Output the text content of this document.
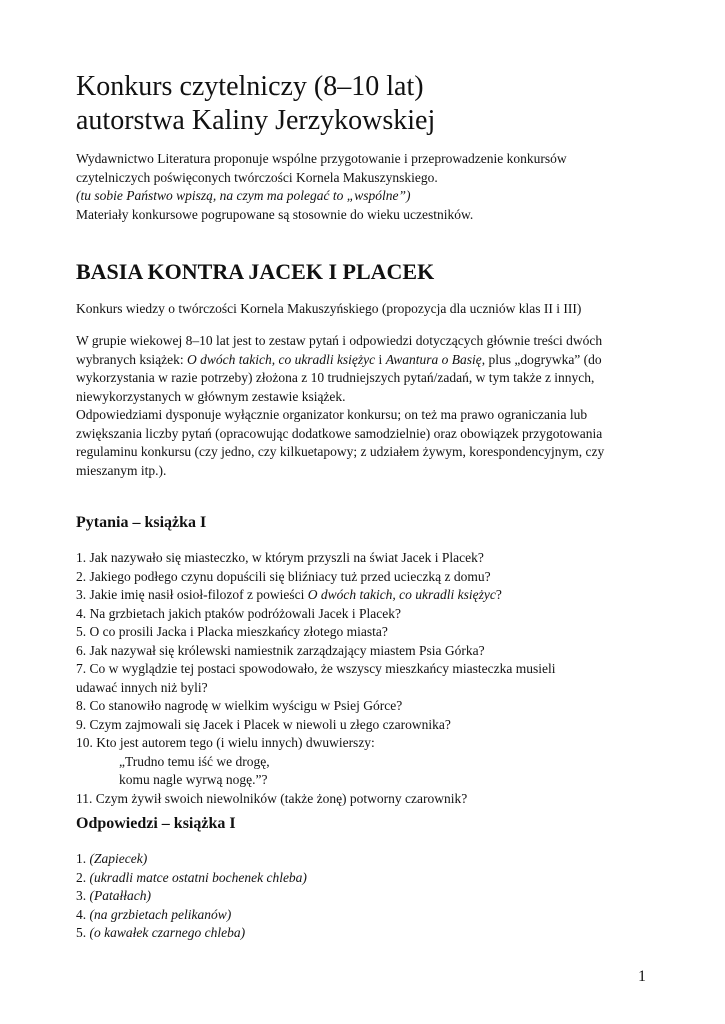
Konkurs czytelniczy (8–10 lat)
autorstwa Kaliny Jerzykowskiej
Wydawnictwo Literatura proponuje wspólne przygotowanie i przeprowadzenie konkursów
czytelniczych poświęconych twórczości Kornela Makuszynskiego.
(tu sobie Państwo wpiszą, na czym ma polegać to „wspólne”)
Materiały konkursowe pogrupowane są stosownie do wieku uczestników.
BASIA KONTRA JACEK I PLACEK
Konkurs wiedzy o twórczości Kornela Makuszyńskiego (propozycja dla uczniów klas II i III)
W grupie wiekowej 8–10 lat jest to zestaw pytań i odpowiedzi dotyczących głównie treści dwóch
wybranych książek: O dwóch takich, co ukradli księżyc i Awantura o Basię, plus „dogrywka” (do
wykorzystania w razie potrzeby) złożona z 10 trudniejszych pytań/zadań, w tym także z innych,
niewykorzystanych w głównym zestawie książek.
Odpowiedziami dysponuje wyłącznie organizator konkursu; on też ma prawo ograniczania lub
zwiększania liczby pytań (opracowując dodatkowe samodzielnie) oraz obowiązek przygotowania
regulaminu konkursu (czy jedno, czy kilkuetapowy; z udziałem żywym, korespondencyjnym, czy
mieszanym itp.).
Pytania – książka I
1. Jak nazywało się miasteczko, w którym przyszli na świat Jacek i Placek?
2. Jakiego podłego czynu dopuścili się bliźniacy tuż przed ucieczką z domu?
3. Jakie imię nasił osioł-filozof z powieści O dwóch takich, co ukradli księżyc?
4. Na grzbietach jakich ptaków podróżowali Jacek i Placek?
5. O co prosili Jacka i Placka mieszkańcy złotego miasta?
6. Jak nazywał się królewski namiestnik zarządzający miastem Psia Górka?
7. Co w wyglądzie tej postaci spowodowało, że wszyscy mieszkańcy miasteczka musieli
udawać innych niż byli?
8. Co stanowiło nagrodę w wielkim wyścigu w Psiej Górce?
9. Czym zajmowali się Jacek i Placek w niewoli u złego czarownika?
10. Kto jest autorem tego (i wielu innych) dwuwierszy:
„Trudno temu iść we drogę,
komu nagle wyrwą nogę.”?
11. Czym żywił swoich niewolników (także żonę) potworny czarownik?
Odpowiedzi – książka I
1. (Zapiecek)
2. (ukradli matce ostatni bochenek chleba)
3. (Patałłach)
4. (na grzbietach pelikanów)
5. (o kawałek czarnego chleba)
1
